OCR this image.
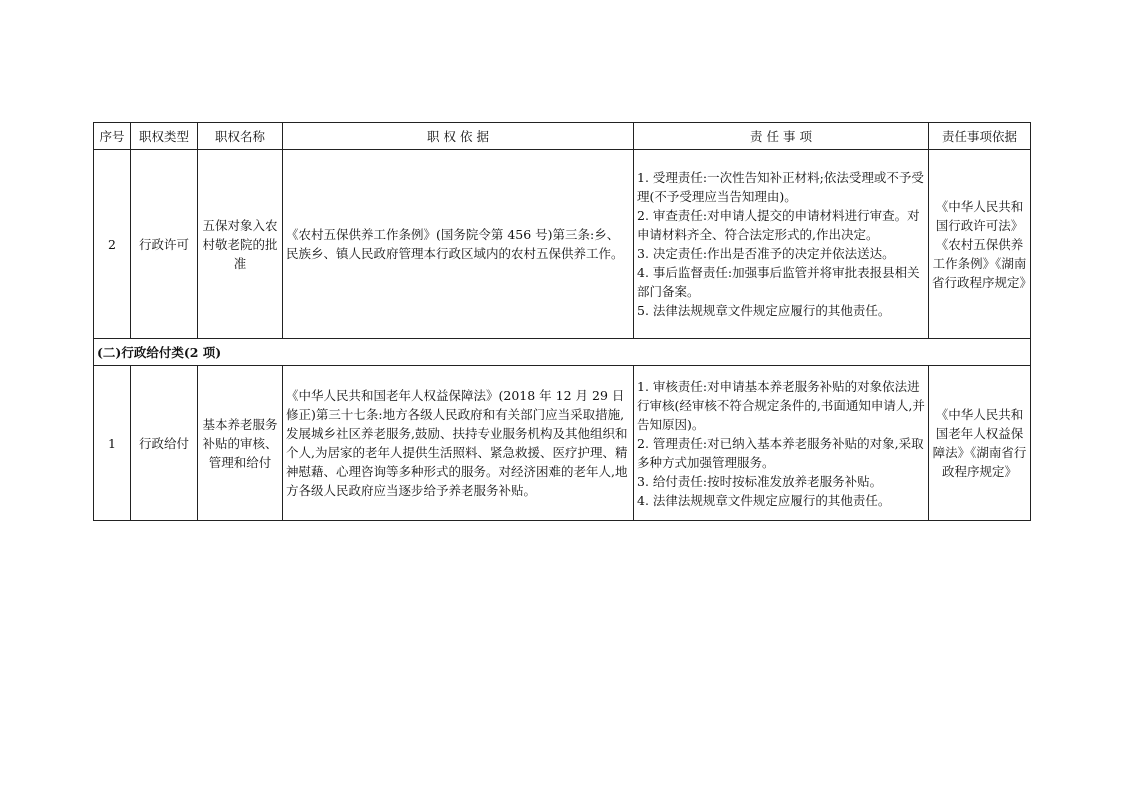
序号	职权类型	职权名称	职 权 依 据	责 任 事 项	责任事项依据
2	行政许可	五保对象入农村敬老院的批准	《农村五保供养工作条例》(国务院令第 456 号)第三条:乡、民族乡、镇人民政府管理本行政区域内的农村五保供养工作。	1. 受理责任:一次性告知补正材料;依法受理或不予受理(不予受理应当告知理由)。
2. 审查责任:对申请人提交的申请材料进行审查。对申请材料齐全、符合法定形式的,作出决定。
3. 决定责任:作出是否准予的决定并依法送达。
4. 事后监督责任:加强事后监管并将审批表报县相关部门备案。
5. 法律法规规章文件规定应履行的其他责任。	《中华人民共和国行政许可法》《农村五保供养工作条例》《湖南省行政程序规定》
(二)行政给付类(2 项)					
1	行政给付	基本养老服务补贴的审核、管理和给付	《中华人民共和国老年人权益保障法》(2018 年 12 月 29 日修正)第三十七条:地方各级人民政府和有关部门应当采取措施,发展城乡社区养老服务,鼓励、扶持专业服务机构及其他组织和个人,为居家的老年人提供生活照料、紧急救援、医疗护理、精神慰藉、心理咨询等多种形式的服务。对经济困难的老年人,地方各级人民政府应当逐步给予养老服务补贴。	1. 审核责任:对申请基本养老服务补贴的对象依法进行审核(经审核不符合规定条件的,书面通知申请人,并告知原因)。
2. 管理责任:对已纳入基本养老服务补贴的对象,采取多种方式加强管理服务。
3. 给付责任:按时按标准发放养老服务补贴。
4. 法律法规规章文件规定应履行的其他责任。	《中华人民共和国老年人权益保障法》《湖南省行政程序规定》
